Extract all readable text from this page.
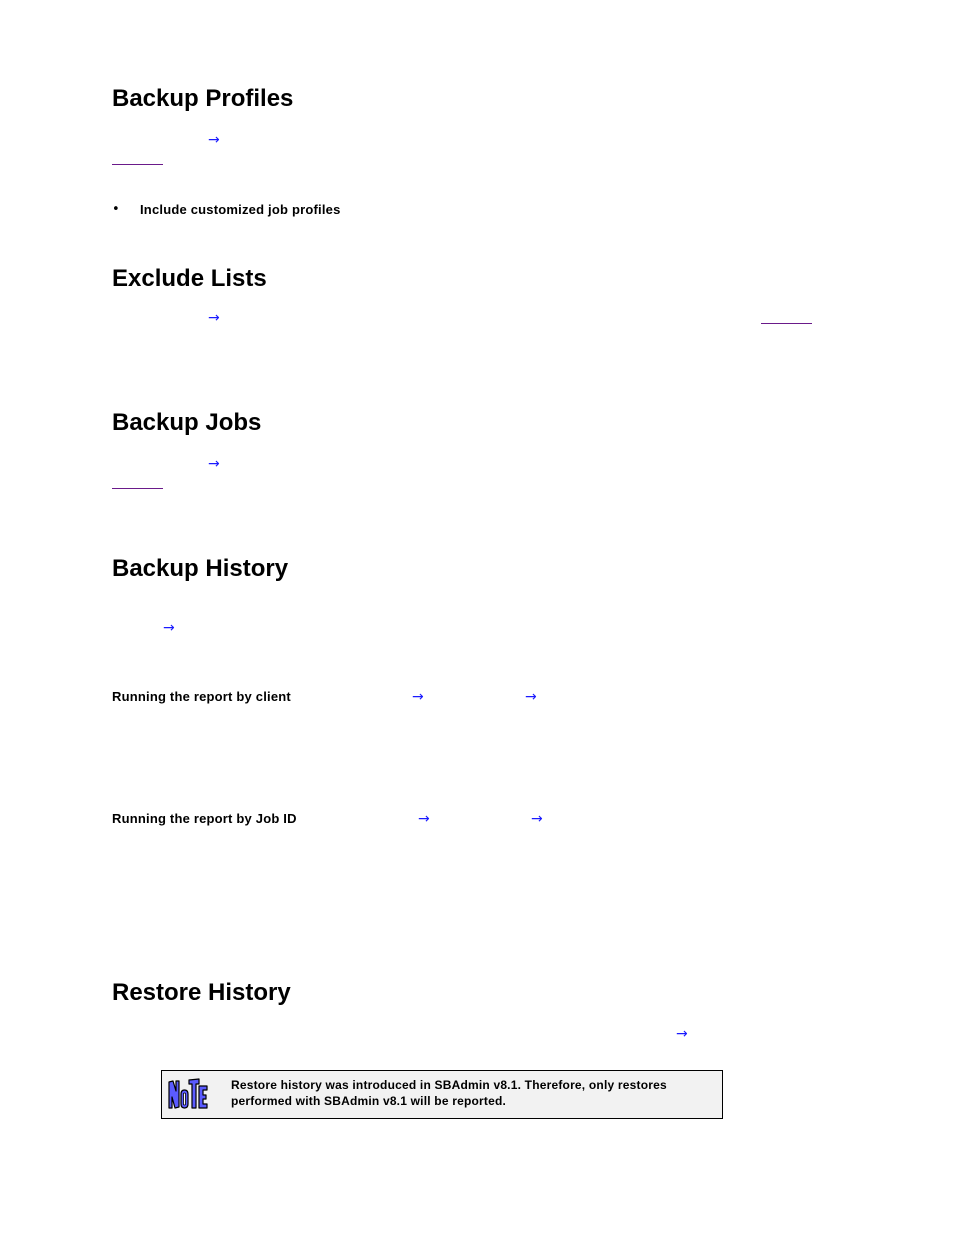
Backup Profiles
→
• Include customized job profiles
Exclude Lists
→
Backup Jobs
→
Backup History
→
Running the report by client	→	→
Running the report by Job ID	→	→
Restore History
→
Restore history was introduced in SBAdmin v8.1. Therefore, only restores performed with SBAdmin v8.1 will be reported.
